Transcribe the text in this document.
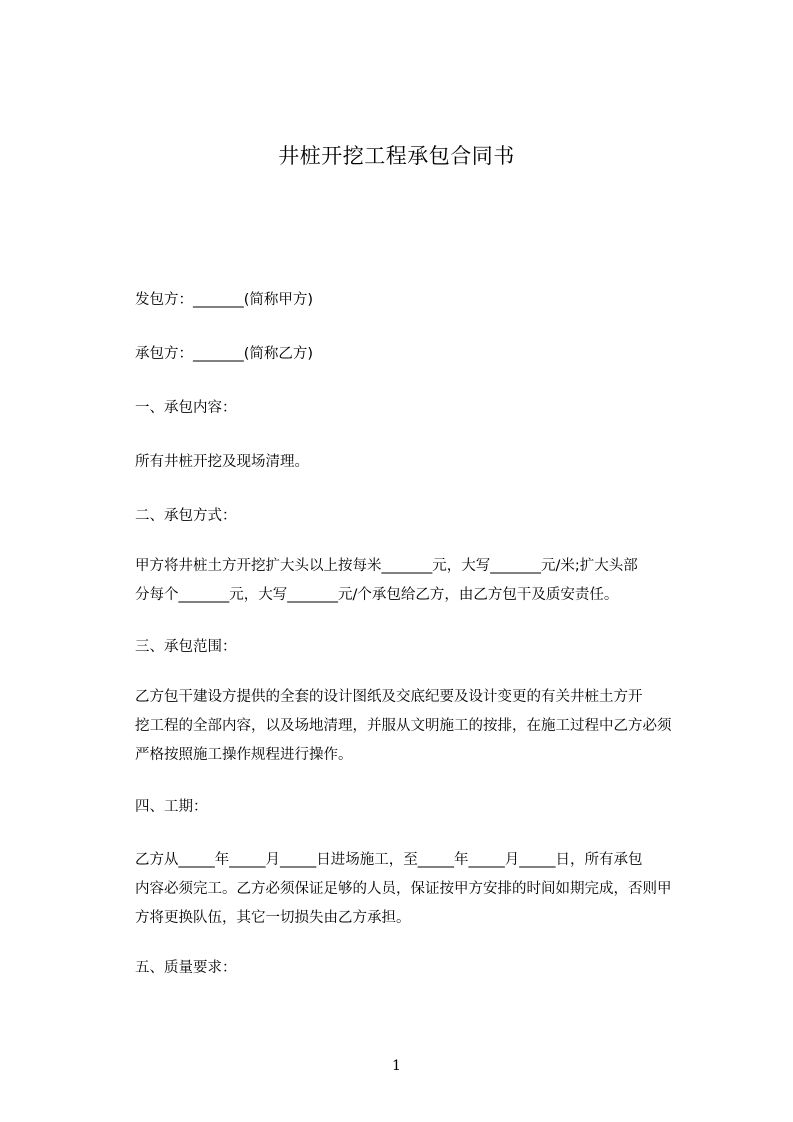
井桩开挖工程承包合同书
发包方：_______(简称甲方)
承包方：_______(简称乙方)
一、承包内容：
所有井桩开挖及现场清理。
二、承包方式：
甲方将井桩土方开挖扩大头以上按每米_______元，大写_______元/米;扩大头部
分每个_______元，大写_______元/个承包给乙方，由乙方包干及质安责任。
三、承包范围：
乙方包干建设方提供的全套的设计图纸及交底纪要及设计变更的有关井桩土方开
挖工程的全部内容，以及场地清理，并服从文明施工的按排，在施工过程中乙方必须
严格按照施工操作规程进行操作。
四、工期：
乙方从_____年_____月_____日进场施工，至_____年_____月_____日，所有承包
内容必须完工。乙方必须保证足够的人员，保证按甲方安排的时间如期完成，否则甲
方将更换队伍，其它一切损失由乙方承担。
五、质量要求：
1
